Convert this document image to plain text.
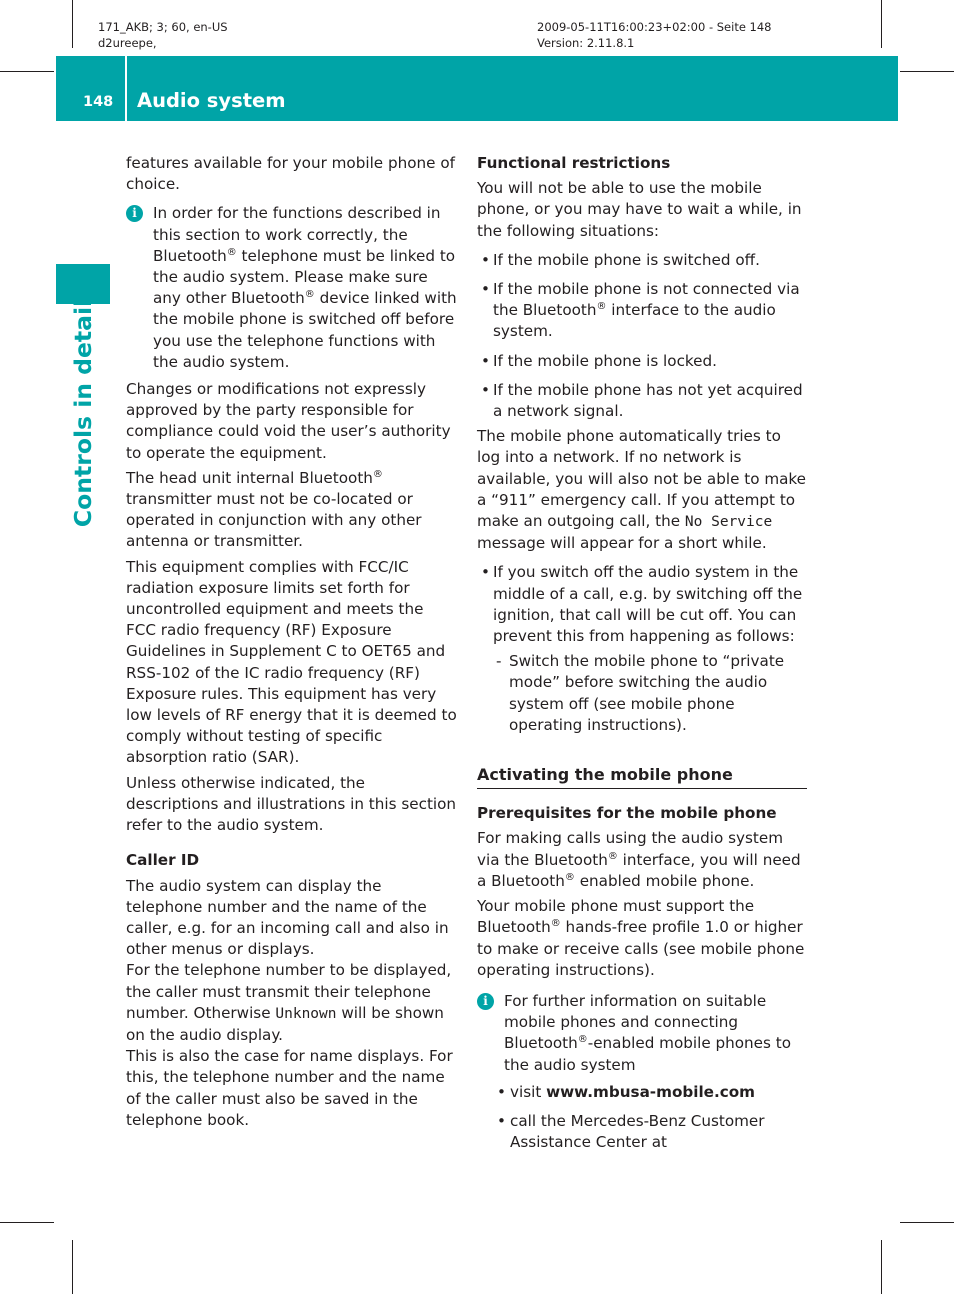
171_AKB; 3; 60, en-US
d2ureepe,
2009-05-11T16:00:23+02:00 - Seite 148
Version: 2.11.8.1
148 Audio system
Controls in detail

features available for your mobile phone of choice.

i	In order for the functions described in this section to work correctly, the Bluetooth® telephone must be linked to the audio system. Please make sure any other Bluetooth® device linked with the mobile phone is switched off before you use the telephone functions with the audio system.

Changes or modifications not expressly approved by the party responsible for compliance could void the user’s authority to operate the equipment.

The head unit internal Bluetooth® transmitter must not be co-located or operated in conjunction with any other antenna or transmitter.

This equipment complies with FCC/IC radiation exposure limits set forth for uncontrolled equipment and meets the FCC radio frequency (RF) Exposure Guidelines in Supplement C to OET65 and RSS-102 of the IC radio frequency (RF) Exposure rules. This equipment has very low levels of RF energy that it is deemed to comply without testing of specific absorption ratio (SAR).

Unless otherwise indicated, the descriptions and illustrations in this section refer to the audio system.

Caller ID

The audio system can display the telephone number and the name of the caller, e.g. for an incoming call and also in other menus or displays.

For the telephone number to be displayed, the caller must transmit their telephone number. Otherwise Unknown will be shown on the audio display.

This is also the case for name displays. For this, the telephone number and the name of the caller must also be saved in the telephone book.

Functional restrictions

You will not be able to use the mobile phone, or you may have to wait a while, in the following situations:

• If the mobile phone is switched off.
• If the mobile phone is not connected via the Bluetooth® interface to the audio system.
• If the mobile phone is locked.
• If the mobile phone has not yet acquired a network signal.

The mobile phone automatically tries to log into a network. If no network is available, you will also not be able to make a “911” emergency call. If you attempt to make an outgoing call, the No Service message will appear for a short while.

• If you switch off the audio system in the middle of a call, e.g. by switching off the ignition, that call will be cut off. You can prevent this from happening as follows:
- Switch the mobile phone to “private mode” before switching the audio system off (see mobile phone operating instructions).
Activating the mobile phone
Prerequisites for the mobile phone

For making calls using the audio system via the Bluetooth® interface, you will need a Bluetooth® enabled mobile phone.

Your mobile phone must support the Bluetooth® hands-free profile 1.0 or higher to make or receive calls (see mobile phone operating instructions).

i	For further information on suitable mobile phones and connecting Bluetooth®-enabled mobile phones to the audio system
• visit www.mbusa-mobile.com
• call the Mercedes-Benz Customer Assistance Center at
